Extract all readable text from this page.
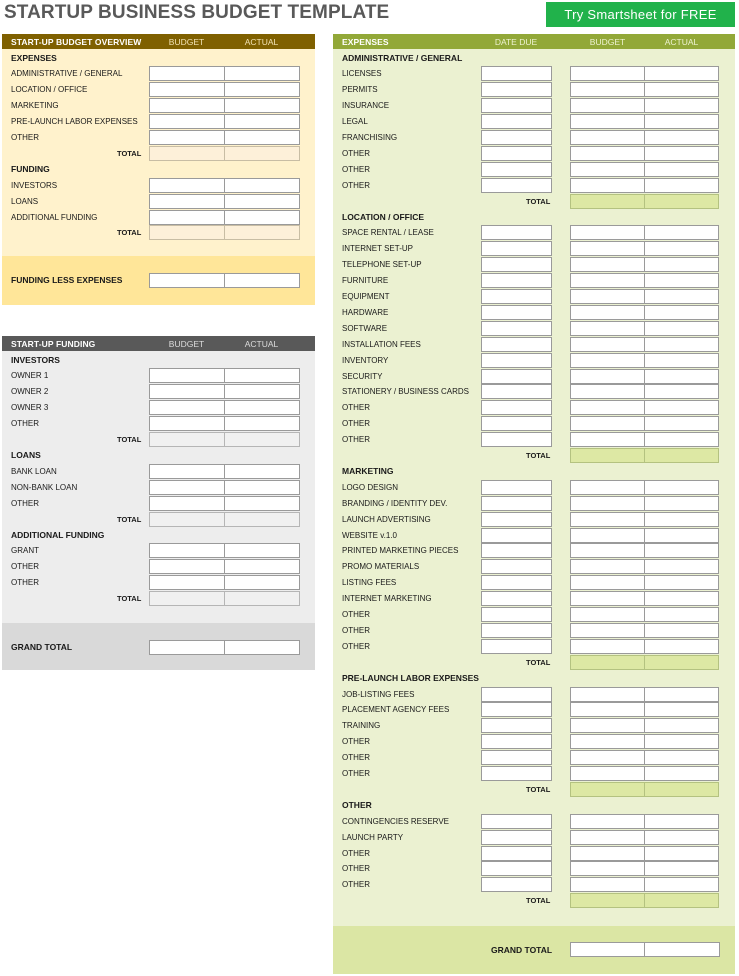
STARTUP BUSINESS BUDGET TEMPLATE	Try Smartsheet for FREE
START-UP BUDGET OVERVIEW	BUDGET	ACTUAL
EXPENSES
ADMINISTRATIVE / GENERAL
LOCATION / OFFICE
MARKETING
PRE-LAUNCH LABOR EXPENSES
OTHER
TOTAL
FUNDING
INVESTORS
LOANS
ADDITIONAL FUNDING
TOTAL
FUNDING LESS EXPENSES
START-UP FUNDING	BUDGET	ACTUAL
INVESTORS
OWNER 1
OWNER 2
OWNER 3
OTHER
TOTAL
LOANS
BANK LOAN
NON-BANK LOAN
OTHER
TOTAL
ADDITIONAL FUNDING
GRANT
OTHER
OTHER
TOTAL
GRAND TOTAL
EXPENSES	DATE DUE	BUDGET	ACTUAL
ADMINISTRATIVE / GENERAL
LICENSES
PERMITS
INSURANCE
LEGAL
FRANCHISING
OTHER
OTHER
OTHER
TOTAL
LOCATION / OFFICE
SPACE RENTAL / LEASE
INTERNET SET-UP
TELEPHONE SET-UP
FURNITURE
EQUIPMENT
HARDWARE
SOFTWARE
INSTALLATION FEES
INVENTORY
SECURITY
STATIONERY / BUSINESS CARDS
OTHER
OTHER
OTHER
TOTAL
MARKETING
LOGO DESIGN
BRANDING / IDENTITY DEV.
LAUNCH ADVERTISING
WEBSITE v.1.0
PRINTED MARKETING PIECES
PROMO MATERIALS
LISTING FEES
INTERNET MARKETING
OTHER
OTHER
OTHER
TOTAL
PRE-LAUNCH LABOR EXPENSES
JOB-LISTING FEES
PLACEMENT AGENCY FEES
TRAINING
OTHER
OTHER
OTHER
TOTAL
OTHER
CONTINGENCIES RESERVE
LAUNCH PARTY
OTHER
OTHER
OTHER
TOTAL
GRAND TOTAL
